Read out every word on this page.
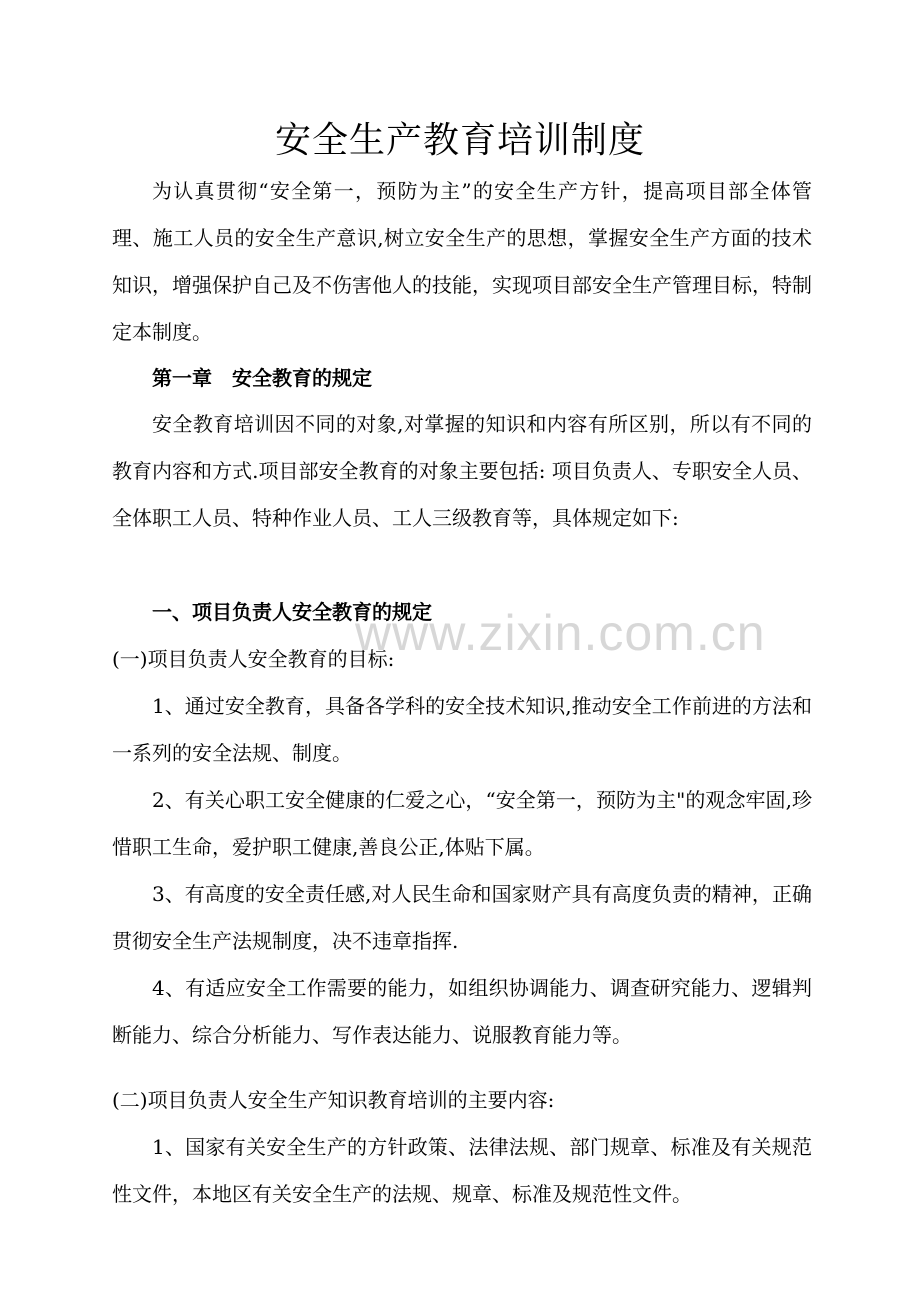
安全生产教育培训制度
为认真贯彻“安全第一，预防为主”的安全生产方针，提高项目部全体管理、施工人员的安全生产意识,树立安全生产的思想，掌握安全生产方面的技术知识，增强保护自己及不伤害他人的技能，实现项目部安全生产管理目标，特制定本制度。
第一章　安全教育的规定
安全教育培训因不同的对象,对掌握的知识和内容有所区别，所以有不同的教育内容和方式.项目部安全教育的对象主要包括: 项目负责人、专职安全人员、全体职工人员、特种作业人员、工人三级教育等，具体规定如下:
一、项目负责人安全教育的规定
(一)项目负责人安全教育的目标:
1、通过安全教育，具备各学科的安全技术知识,推动安全工作前进的方法和一系列的安全法规、制度。
2、有关心职工安全健康的仁爱之心，“安全第一，预防为主"的观念牢固,珍惜职工生命，爱护职工健康,善良公正,体贴下属。
3、有高度的安全责任感,对人民生命和国家财产具有高度负责的精神，正确贯彻安全生产法规制度，决不违章指挥.
4、有适应安全工作需要的能力，如组织协调能力、调查研究能力、逻辑判断能力、综合分析能力、写作表达能力、说服教育能力等。
(二)项目负责人安全生产知识教育培训的主要内容:
1、国家有关安全生产的方针政策、法律法规、部门规章、标准及有关规范性文件，本地区有关安全生产的法规、规章、标准及规范性文件。
www.zixin.com.cn
